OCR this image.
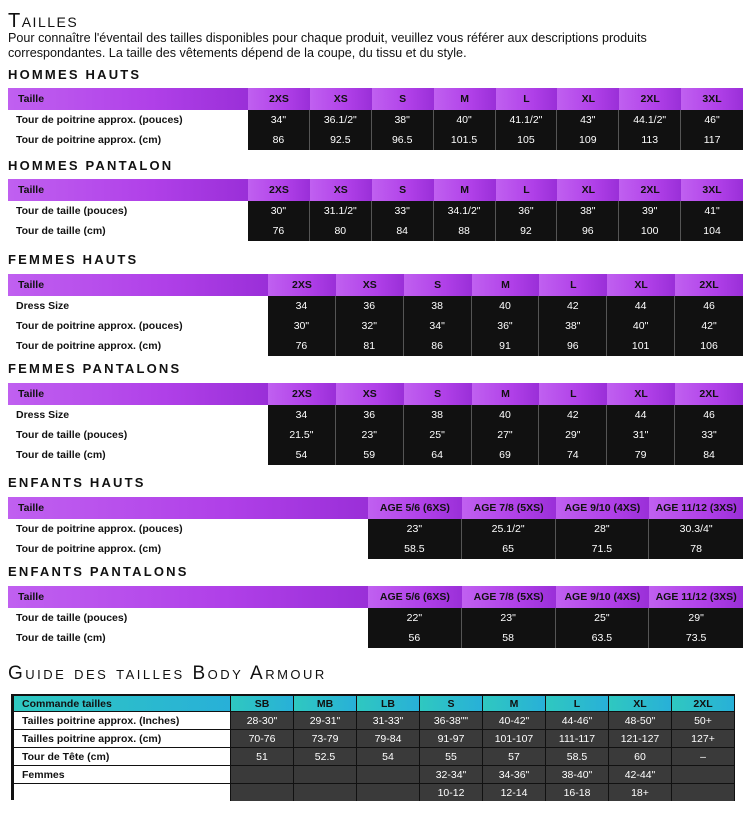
Tailles
Pour connaître l'éventail des tailles disponibles pour chaque produit, veuillez vous référer aux descriptions produits correspondantes. La taille des vêtements dépend de la coupe, du tissu et du style.
HOMMES HAUTS
Taille	2XS	XS	S	M	L	XL	2XL	3XL
Tour de poitrine approx. (pouces)	34"	36.1/2"	38"	40"	41.1/2"	43"	44.1/2"	46"
Tour de poitrine approx. (cm)	86	92.5	96.5	101.5	105	109	113	117
HOMMES PANTALON
Taille	2XS	XS	S	M	L	XL	2XL	3XL
Tour de taille (pouces)	30"	31.1/2"	33"	34.1/2"	36"	38"	39"	41"
Tour de taille (cm)	76	80	84	88	92	96	100	104
FEMMES HAUTS
Taille	2XS	XS	S	M	L	XL	2XL
Dress Size	34	36	38	40	42	44	46
Tour de poitrine approx. (pouces)	30"	32"	34"	36"	38"	40"	42"
Tour de poitrine approx. (cm)	76	81	86	91	96	101	106
FEMMES PANTALONS
Taille	2XS	XS	S	M	L	XL	2XL
Dress Size	34	36	38	40	42	44	46
Tour de taille (pouces)	21.5"	23"	25"	27"	29"	31"	33"
Tour de taille (cm)	54	59	64	69	74	79	84
ENFANTS HAUTS
Taille	AGE 5/6 (6XS)	AGE 7/8 (5XS)	AGE 9/10 (4XS)	AGE 11/12 (3XS)
Tour de poitrine approx. (pouces)	23"	25.1/2"	28"	30.3/4"
Tour de poitrine approx. (cm)	58.5	65	71.5	78
ENFANTS PANTALONS
Taille	AGE 5/6 (6XS)	AGE 7/8 (5XS)	AGE 9/10 (4XS)	AGE 11/12 (3XS)
Tour de taille (pouces)	22"	23"	25"	29"
Tour de taille (cm)	56	58	63.5	73.5
Guide des tailles Body Armour
Commande tailles	SB	MB	LB	S	M	L	XL	2XL
Tailles poitrine approx. (Inches)	28-30"	29-31"	31-33"	36-38""	40-42"	44-46"	48-50"	50+
Tailles poitrine approx. (cm)	70-76	73-79	79-84	91-97	101-107	111-117	121-127	127+
Tour de Tête (cm)	51	52.5	54	55	57	58.5	60	–
Femmes				32-34"	34-36"	38-40"	42-44"	
				10-12	12-14	16-18	18+	
